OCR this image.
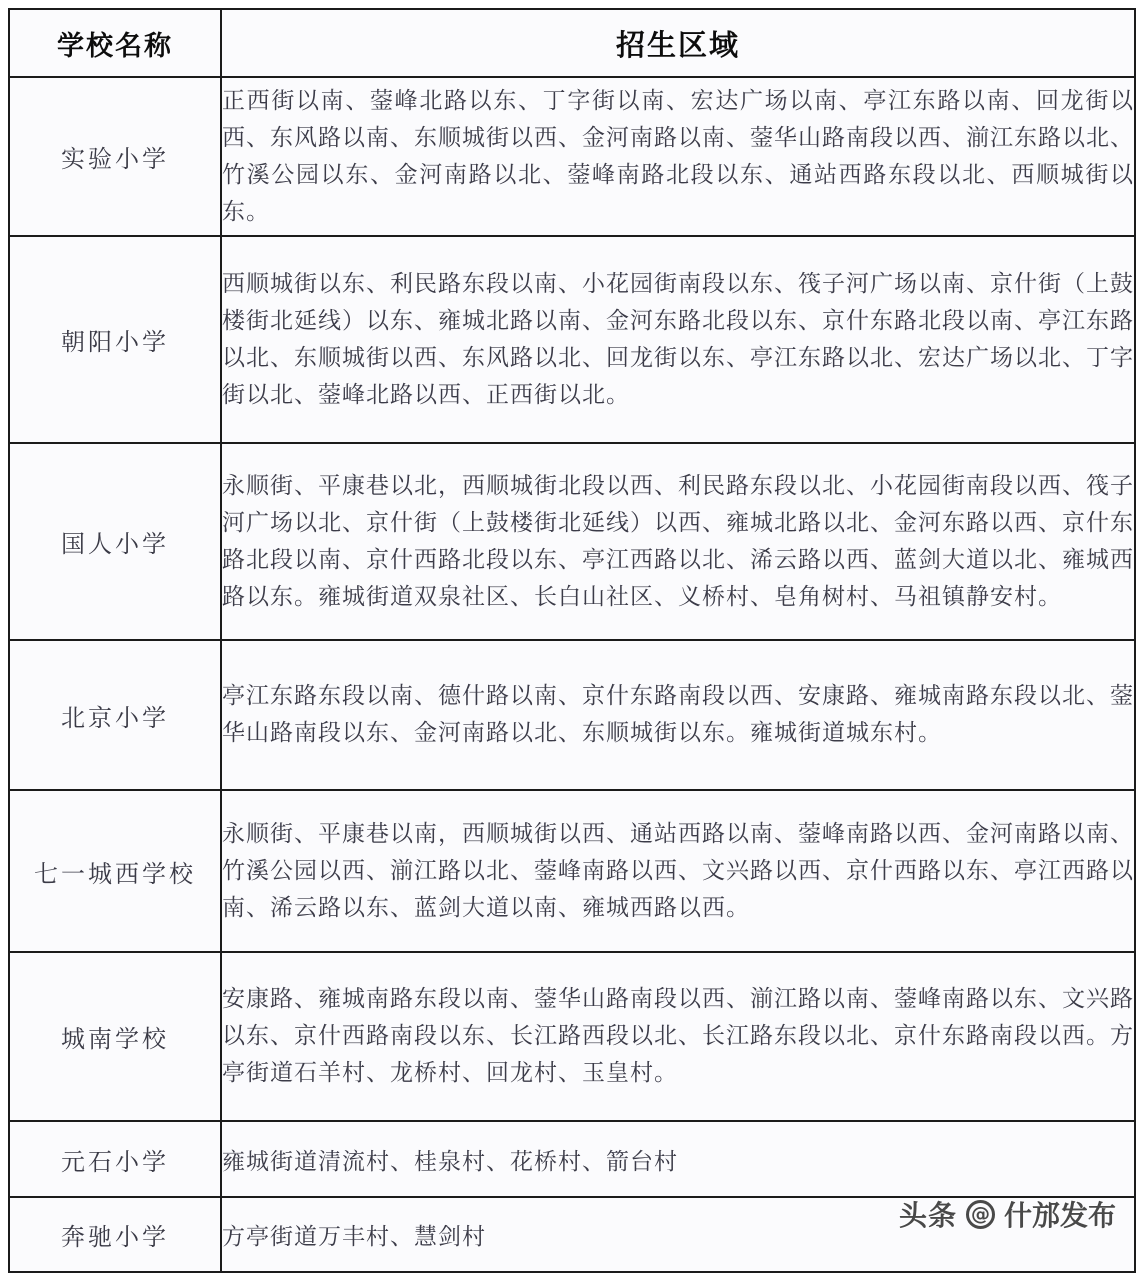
学校名称	招生区域
实验小学	正西街以南、蓥峰北路以东、丁字街以南、宏达广场以南、亭江东路以南、回龙街以西、东风路以南、东顺城街以西、金河南路以南、蓥华山路南段以西、湔江东路以北、竹溪公园以东、金河南路以北、蓥峰南路北段以东、通站西路东段以北、西顺城街以东。
朝阳小学	西顺城街以东、利民路东段以南、小花园街南段以东、筏子河广场以南、京什街（上鼓楼街北延线）以东、雍城北路以南、金河东路北段以东、京什东路北段以南、亭江东路以北、东顺城街以西、东风路以北、回龙街以东、亭江东路以北、宏达广场以北、丁字街以北、蓥峰北路以西、正西街以北。
国人小学	永顺街、平康巷以北，西顺城街北段以西、利民路东段以北、小花园街南段以西、筏子河广场以北、京什街（上鼓楼街北延线）以西、雍城北路以北、金河东路以西、京什东路北段以南、京什西路北段以东、亭江西路以北、浠云路以西、蓝剑大道以北、雍城西路以东。雍城街道双泉社区、长白山社区、义桥村、皂角树村、马祖镇静安村。
北京小学	亭江东路东段以南、德什路以南、京什东路南段以西、安康路、雍城南路东段以北、蓥华山路南段以东、金河南路以北、东顺城街以东。雍城街道城东村。
七一城西学校	永顺街、平康巷以南，西顺城街以西、通站西路以南、蓥峰南路以西、金河南路以南、竹溪公园以西、湔江路以北、蓥峰南路以西、文兴路以西、京什西路以东、亭江西路以南、浠云路以东、蓝剑大道以南、雍城西路以西。
城南学校	安康路、雍城南路东段以南、蓥华山路南段以西、湔江路以南、蓥峰南路以东、文兴路以东、京什西路南段以东、长江路西段以北、长江路东段以北、京什东路南段以西。方亭街道石羊村、龙桥村、回龙村、玉皇村。
元石小学	雍城街道清流村、桂泉村、花桥村、箭台村
奔驰小学	方亭街道万丰村、慧剑村
头条 @ 什邡发布
